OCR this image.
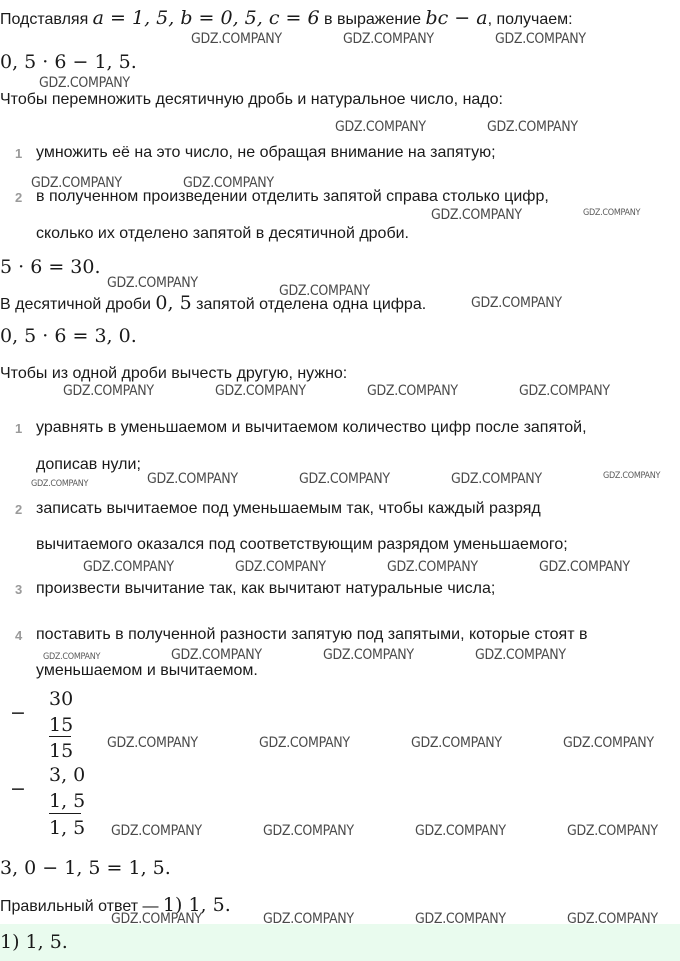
Подставляя a = 1, 5, b = 0, 5, c = 6 в выражение bc − a, получаем:
0, 5 · 6 − 1, 5.
Чтобы перемножить десятичную дробь и натуральное число, надо:
1 умножить её на это число, не обращая внимание на запятую;
2 в полученном произведении отделить запятой справа столько цифр,
сколько их отделено запятой в десятичной дроби.
5 · 6 = 30.
В десятичной дроби 0, 5 запятой отделена одна цифра.
0, 5 · 6 = 3, 0.
Чтобы из одной дроби вычесть другую, нужно:
1 уравнять в уменьшаемом и вычитаемом количество цифр после запятой,
дописав нули;
2 записать вычитаемое под уменьшаемым так, чтобы каждый разряд
вычитаемого оказался под соответствующим разрядом уменьшаемого;
3 произвести вычитание так, как вычитают натуральные числа;
4 поставить в полученной разности запятую под запятыми, которые стоят в
уменьшаемом и вычитаемом.
−
30
15
15
−
3, 0
1, 5
1, 5
3, 0 − 1, 5 = 1, 5.
Правильный ответ — 1) 1, 5.
1) 1, 5.
GDZ.COMPANY	GDZ.COMPANY	GDZ.COMPANY
GDZ.COMPANY
GDZ.COMPANY	GDZ.COMPANY
GDZ.COMPANY	GDZ.COMPANY
GDZ.COMPANY	GDZ.COMPANY
GDZ.COMPANY	GDZ.COMPANY
GDZ.COMPANY
GDZ.COMPANY	GDZ.COMPANY	GDZ.COMPANY	GDZ.COMPANY
GDZ.COMPANY	GDZ.COMPANY	GDZ.COMPANY	GDZ.COMPANY	GDZ.COMPANY
GDZ.COMPANY	GDZ.COMPANY	GDZ.COMPANY	GDZ.COMPANY
GDZ.COMPANY	GDZ.COMPANY	GDZ.COMPANY	GDZ.COMPANY
GDZ.COMPANY	GDZ.COMPANY	GDZ.COMPANY	GDZ.COMPANY
GDZ.COMPANY	GDZ.COMPANY	GDZ.COMPANY	GDZ.COMPANY
GDZ.COMPANY	GDZ.COMPANY	GDZ.COMPANY	GDZ.COMPANY
